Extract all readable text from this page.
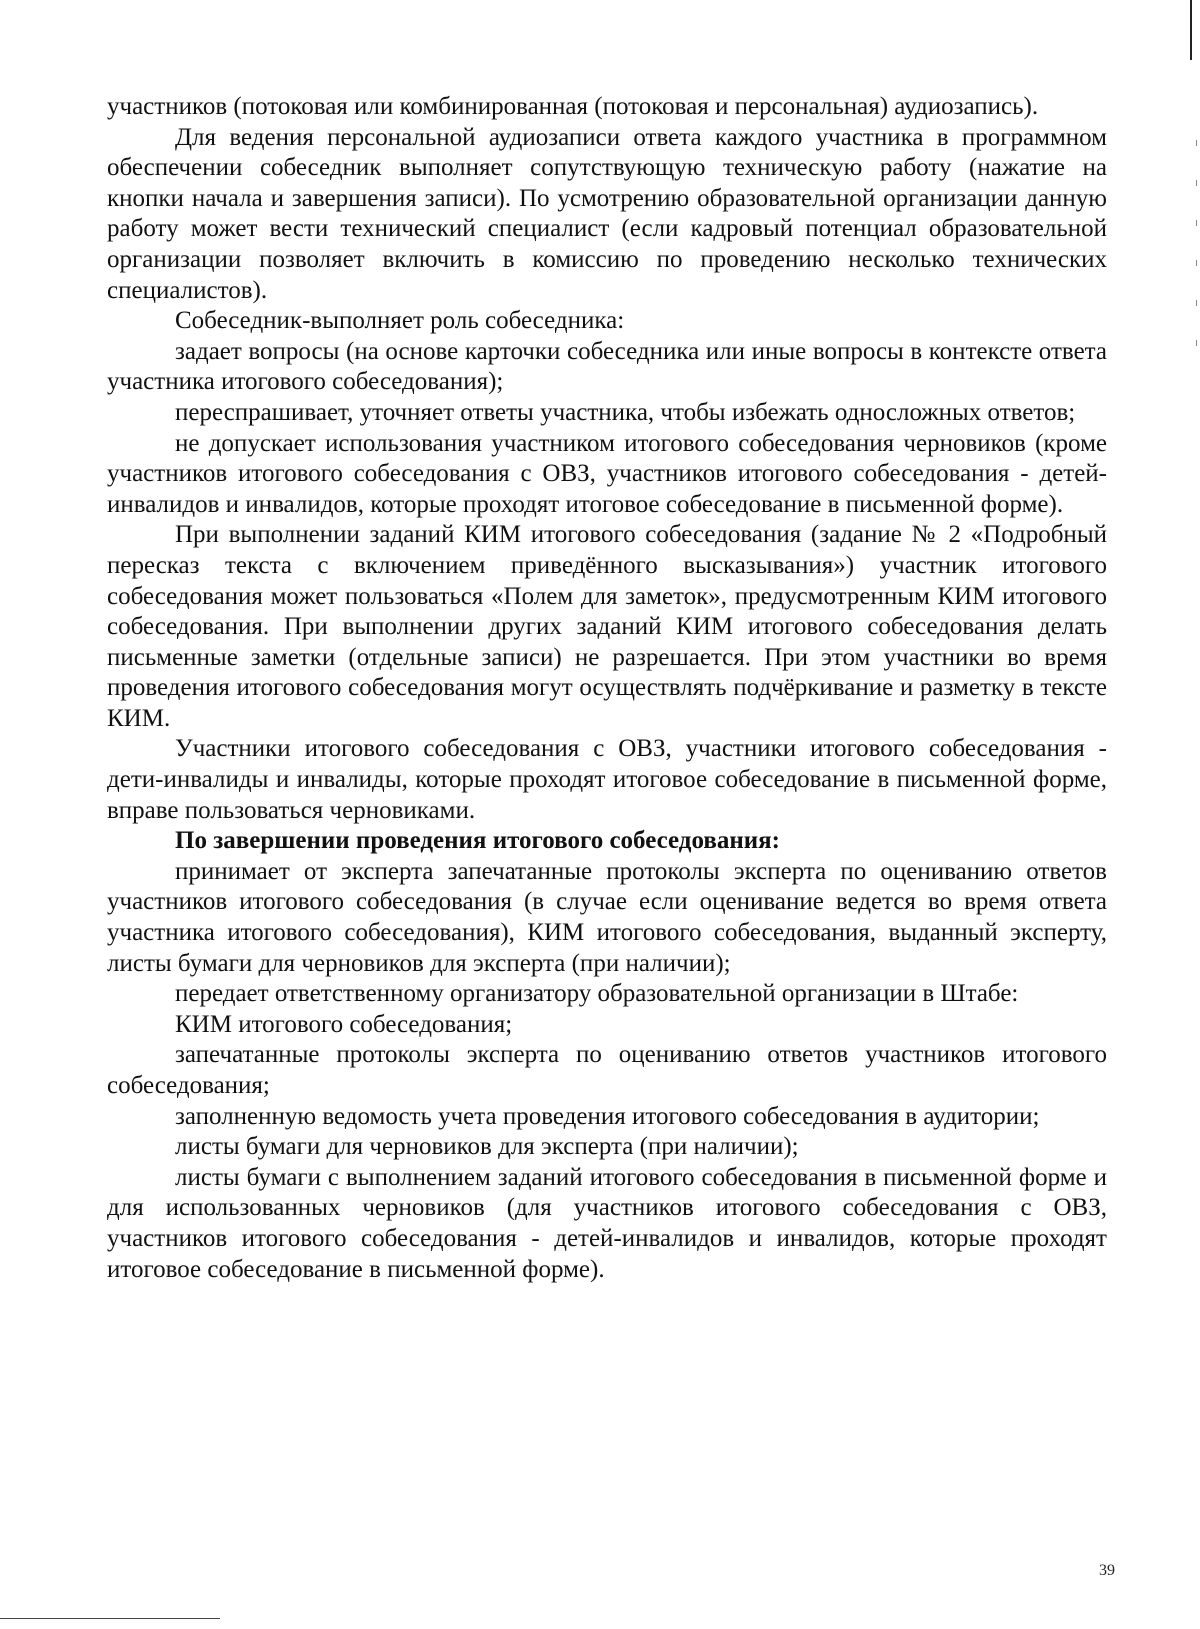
участников (потоковая или комбинированная (потоковая и персональная) аудиозапись).

Для ведения персональной аудиозаписи ответа каждого участника в программном обеспечении собеседник выполняет сопутствующую техническую работу (нажатие на кнопки начала и завершения записи). По усмотрению образовательной организации данную работу может вести технический специалист (если кадровый потенциал образовательной организации позволяет включить в комиссию по проведению несколько технических специалистов).

Собеседник-выполняет роль собеседника:

задает вопросы (на основе карточки собеседника или иные вопросы в контексте ответа участника итогового собеседования);

переспрашивает, уточняет ответы участника, чтобы избежать односложных ответов;

не допускает использования участником итогового собеседования черновиков (кроме участников итогового собеседования с ОВЗ, участников итогового собеседования - детей-инвалидов и инвалидов, которые проходят итоговое собеседование в письменной форме).

При выполнении заданий КИМ итогового собеседования (задание № 2 «Подробный пересказ текста с включением приведённого высказывания») участник итогового собеседования может пользоваться «Полем для заметок», предусмотренным КИМ итогового собеседования. При выполнении других заданий КИМ итогового собеседования делать письменные заметки (отдельные записи) не разрешается. При этом участники во время проведения итогового собеседования могут осуществлять подчёркивание и разметку в тексте КИМ.

Участники итогового собеседования с ОВЗ, участники итогового собеседования - дети-инвалиды и инвалиды, которые проходят итоговое собеседование в письменной форме, вправе пользоваться черновиками.

По завершении проведения итогового собеседования:

принимает от эксперта запечатанные протоколы эксперта по оцениванию ответов участников итогового собеседования (в случае если оценивание ведется во время ответа участника итогового собеседования), КИМ итогового собеседования, выданный эксперту, листы бумаги для черновиков для эксперта (при наличии);

передает ответственному организатору образовательной организации в Штабе:

КИМ итогового собеседования;

запечатанные протоколы эксперта по оцениванию ответов участников итогового собеседования;

заполненную ведомость учета проведения итогового собеседования в аудитории;

листы бумаги для черновиков для эксперта (при наличии);

листы бумаги с выполнением заданий итогового собеседования в письменной форме и для использованных черновиков (для участников итогового собеседования с ОВЗ, участников итогового собеседования - детей-инвалидов и инвалидов, которые проходят итоговое собеседование в письменной форме).

39
